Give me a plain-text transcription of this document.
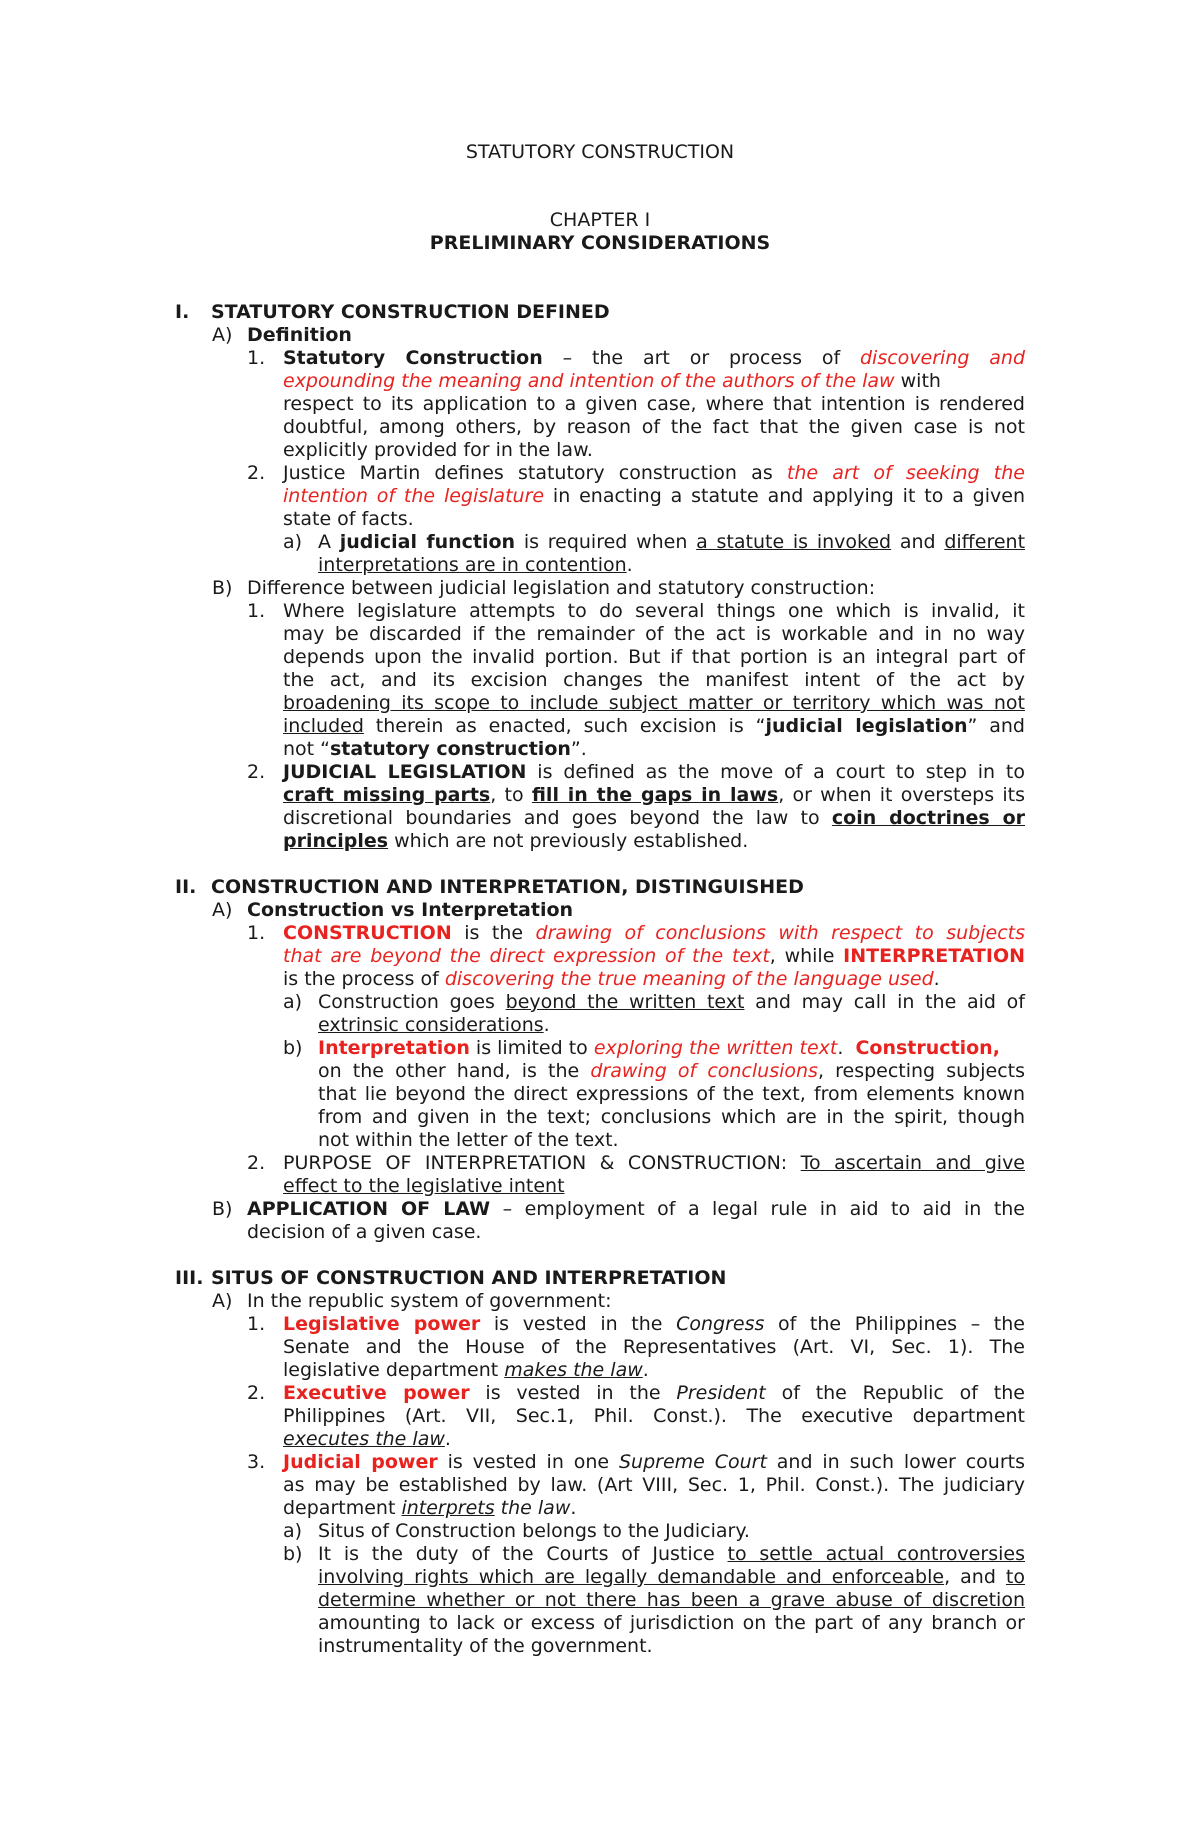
STATUTORY CONSTRUCTION
CHAPTER I
PRELIMINARY CONSIDERATIONS
I. STATUTORY CONSTRUCTION DEFINED
A) Definition
1. Statutory Construction – the art or process of discovering and
expounding the meaning and intention of the authors of the law with
respect to its application to a given case, where that intention is rendered
doubtful, among others, by reason of the fact that the given case is not
explicitly provided for in the law.
2. Justice Martin defines statutory construction as the art of seeking the
intention of the legislature in enacting a statute and applying it to a given
state of facts.
a) A judicial function is required when a statute is invoked and different
interpretations are in contention.
B) Difference between judicial legislation and statutory construction:
1. Where legislature attempts to do several things one which is invalid, it
may be discarded if the remainder of the act is workable and in no way
depends upon the invalid portion. But if that portion is an integral part of
the act, and its excision changes the manifest intent of the act by
broadening its scope to include subject matter or territory which was not
included therein as enacted, such excision is “judicial legislation” and
not “statutory construction”.
2. JUDICIAL LEGISLATION is defined as the move of a court to step in to
craft missing parts, to fill in the gaps in laws, or when it oversteps its
discretional boundaries and goes beyond the law to coin doctrines or
principles which are not previously established.
II. CONSTRUCTION AND INTERPRETATION, DISTINGUISHED
A) Construction vs Interpretation
1. CONSTRUCTION is the drawing of conclusions with respect to subjects
that are beyond the direct expression of the text, while INTERPRETATION
is the process of discovering the true meaning of the language used.
a) Construction goes beyond the written text and may call in the aid of
extrinsic considerations.
b) Interpretation is limited to exploring the written text.  Construction,
on the other hand, is the drawing of conclusions, respecting subjects
that lie beyond the direct expressions of the text, from elements known
from and given in the text; conclusions which are in the spirit, though
not within the letter of the text.
2. PURPOSE OF INTERPRETATION & CONSTRUCTION: To ascertain and give
effect to the legislative intent
B) APPLICATION OF LAW – employment of a legal rule in aid to aid in the
decision of a given case.
III. SITUS OF CONSTRUCTION AND INTERPRETATION
A) In the republic system of government:
1. Legislative power is vested in the Congress of the Philippines – the
Senate and the House of the Representatives (Art. VI, Sec. 1). The
legislative department makes the law.
2. Executive power is vested in the President of the Republic of the
Philippines (Art. VII, Sec.1, Phil. Const.). The executive department
executes the law.
3. Judicial power is vested in one Supreme Court and in such lower courts
as may be established by law. (Art VIII, Sec. 1, Phil. Const.). The judiciary
department interprets the law.
a) Situs of Construction belongs to the Judiciary.
b) It is the duty of the Courts of Justice to settle actual controversies
involving rights which are legally demandable and enforceable, and to
determine whether or not there has been a grave abuse of discretion
amounting to lack or excess of jurisdiction on the part of any branch or
instrumentality of the government.
